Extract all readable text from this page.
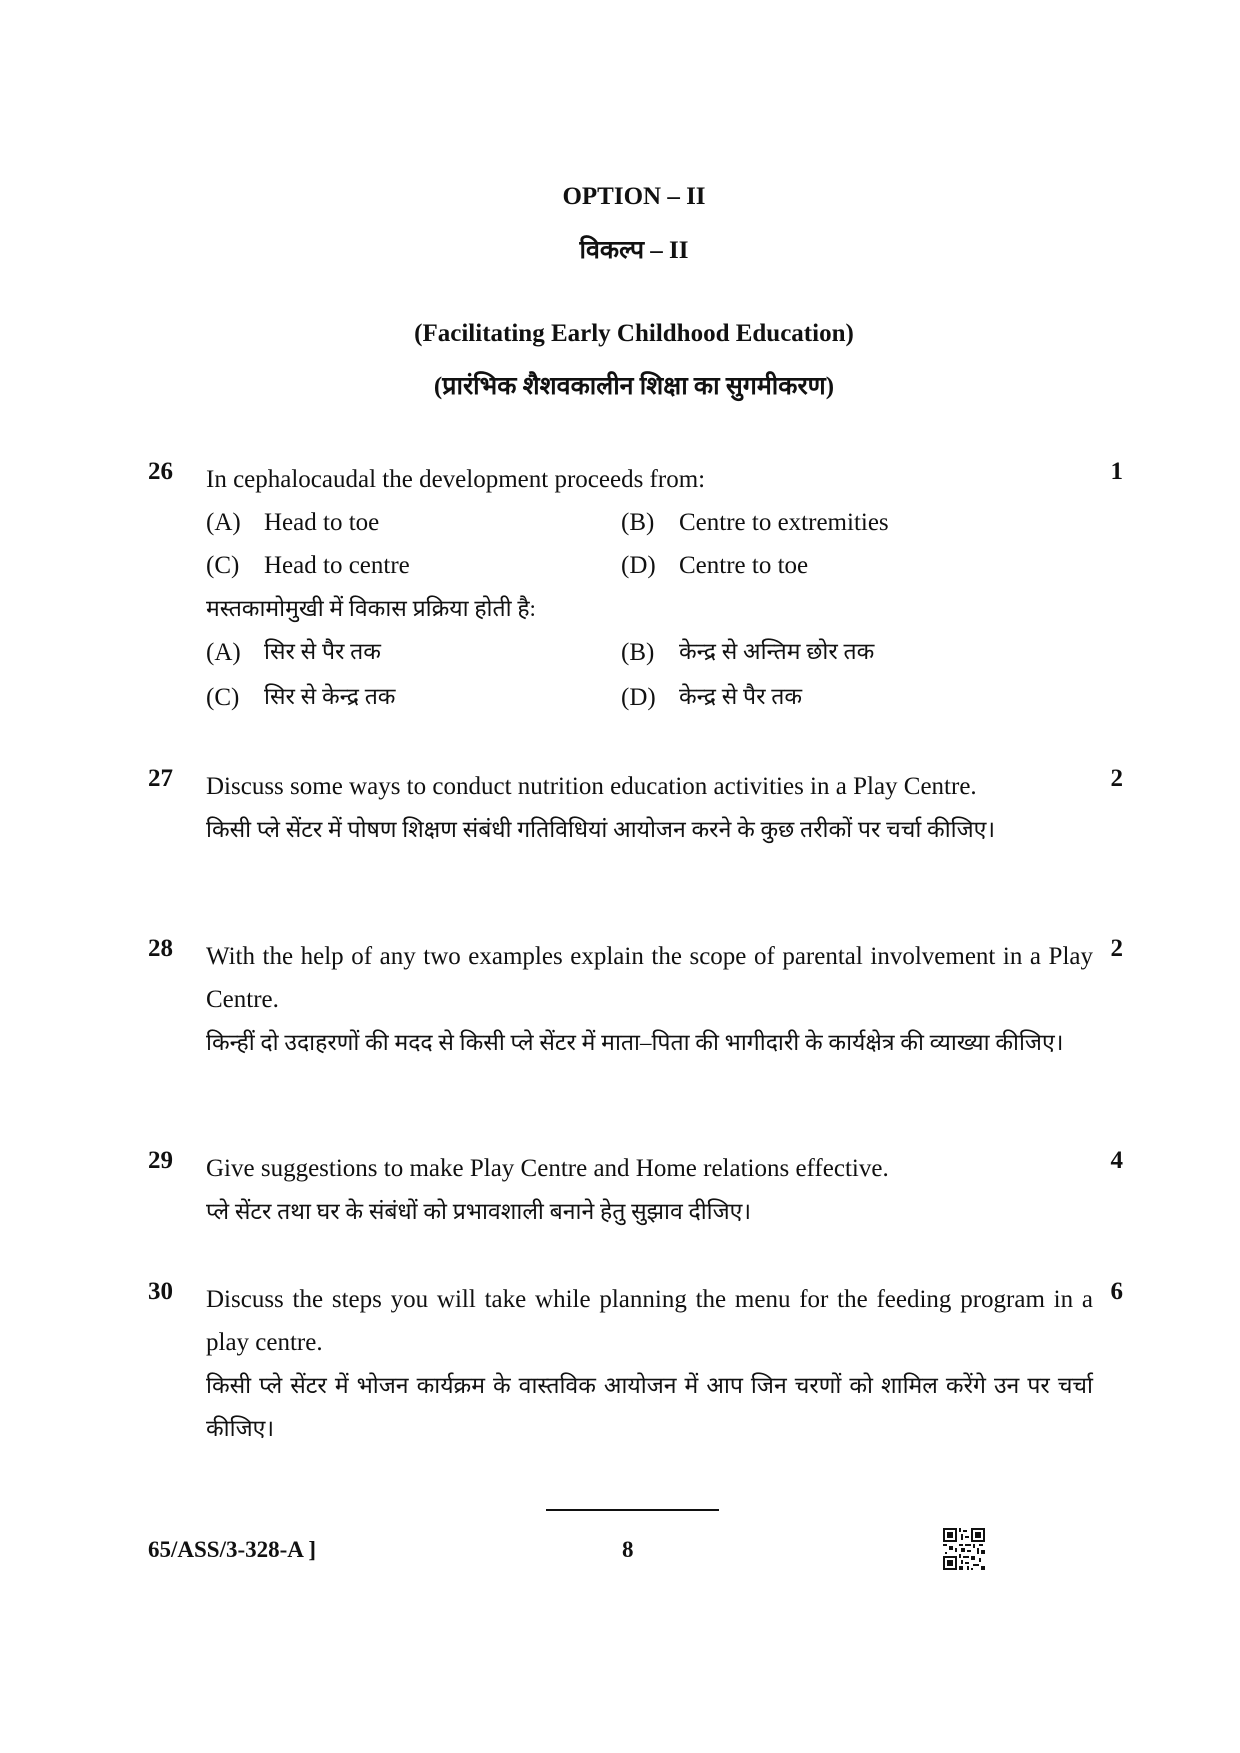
OPTION – II
विकल्प – II
(Facilitating Early Childhood Education)
(प्रारंभिक शैशवकालीन शिक्षा का सुगमीकरण)
26	1
In cephalocaudal the development proceeds from:
(A) Head to toe	(B) Centre to extremities
(C) Head to centre	(D) Centre to toe
मस्तकामोमुखी में विकास प्रक्रिया होती है:
(A)	सिर से पैर तक	(B)	केन्द्र से अन्तिम छोर तक
(C)	सिर से केन्द्र तक	(D)	केन्द्र से पैर तक
27	2
Discuss some ways to conduct nutrition education activities in a Play Centre.
किसी प्ले सेंटर में पोषण शिक्षण संबंधी गतिविधियां आयोजन करने के कुछ तरीकों पर चर्चा कीजिए।
28	2
With the help of any two examples explain the scope of parental involvement in a Play Centre.
किन्हीं दो उदाहरणों की मदद से किसी प्ले सेंटर में माता–पिता की भागीदारी के कार्यक्षेत्र की व्याख्या कीजिए।
29	4
Give suggestions to make Play Centre and Home relations effective.
प्ले सेंटर तथा घर के संबंधों को प्रभावशाली बनाने हेतु सुझाव दीजिए।
30	6
Discuss the steps you will take while planning the menu for the feeding program in a play centre.
किसी प्ले सेंटर में भोजन कार्यक्रम के वास्तविक आयोजन में आप जिन चरणों को शामिल करेंगे उन पर चर्चा कीजिए।
65/ASS/3-328-A ]	8
